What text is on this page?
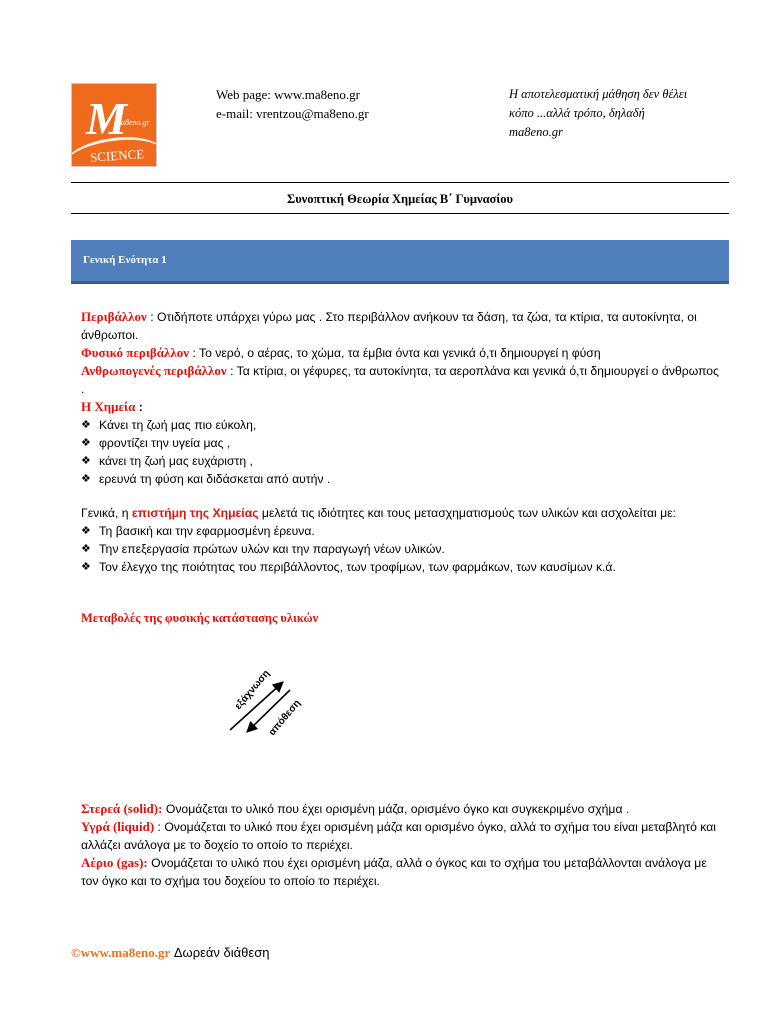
M
a8eno.gr
SCIENCE
Web page: www.ma8eno.gr
e-mail: vrentzou@ma8eno.gr
Η αποτελεσματική μάθηση δεν θέλει
κόπο ...αλλά τρόπο, δηλαδή
ma8eno.gr
Συνοπτική Θεωρία Χημείας Β΄ Γυμνασίου
Γενική Ενότητα 1
Περιβάλλον : Οτιδήποτε υπάρχει γύρω μας . Στο περιβάλλον ανήκουν τα δάση, τα ζώα, τα κτίρια, τα αυτοκίνητα, οι άνθρωποι.
Φυσικό περιβάλλον : Το νερό, ο αέρας, το χώμα, τα έμβια όντα και γενικά ό,τι δημιουργεί η φύση
Ανθρωπογενές περιβάλλον : Τα κτίρια, οι γέφυρες, τα αυτοκίνητα, τα αεροπλάνα και γενικά ό,τι δημιουργεί ο άνθρωπος .
Η Χημεία :
❖ Κάνει τη ζωή μας πιο εύκολη,
❖ φροντίζει την υγεία μας ,
❖ κάνει τη ζωή μας ευχάριστη ,
❖ ερευνά τη φύση και διδάσκεται από αυτήν .
Γενικά, η επιστήμη της Χημείας μελετά τις ιδιότητες και τους μετασχηματισμούς των υλικών και ασχολείται με:
❖ Τη βασική και την εφαρμοσμένη έρευνα.
❖ Την επεξεργασία πρώτων υλών και την παραγωγή νέων υλικών.
❖ Τον έλεγχο της ποιότητας του περιβάλλοντος, των τροφίμων, των φαρμάκων, των καυσίμων κ.ά.
Μεταβολές της φυσικής κατάστασης υλικών
εξάχνωση
απόθεση
Στερεά (solid): Ονομάζεται το υλικό που έχει ορισμένη μάζα, ορισμένο όγκο και συγκεκριμένο σχήμα .
Υγρά (liquid) : Ονομάζεται το υλικό που έχει ορισμένη μάζα και ορισμένο όγκο, αλλά το σχήμα του είναι μεταβλητό και αλλάζει ανάλογα με το δοχείο το οποίο το περιέχει.
Αέριο (gas): Ονομάζεται το υλικό που έχει ορισμένη μάζα, αλλά ο όγκος και το σχήμα του μεταβάλλονται ανάλογα με τον όγκο και το σχήμα του δοχείου το οποίο το περιέχει.
©www.ma8eno.gr Δωρεάν διάθεση
